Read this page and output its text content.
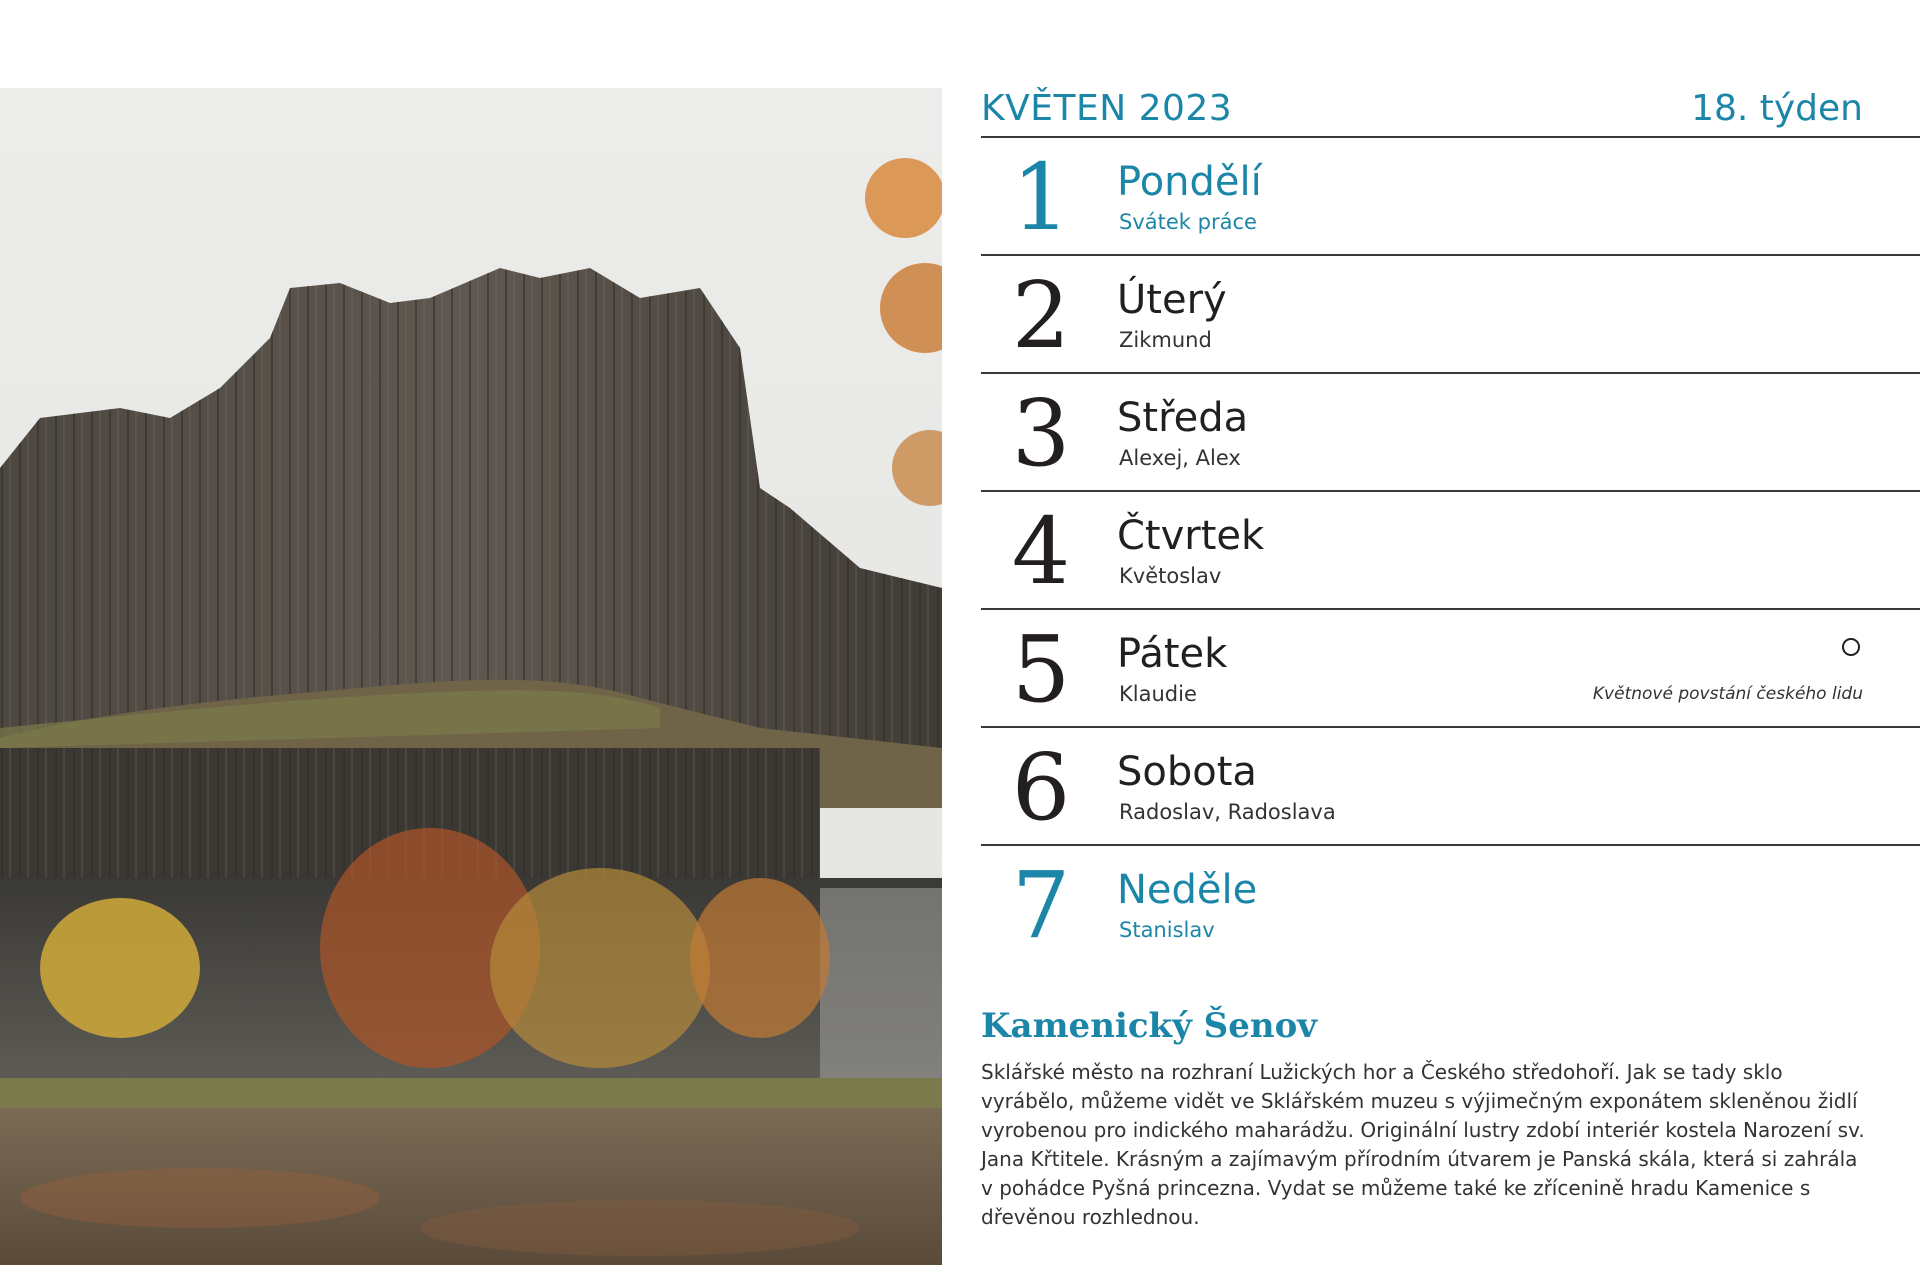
KVĚTEN 2023	18. týden
1 Pondělí
Svátek práce
2 Úterý
Zikmund
3 Středa
Alexej, Alex
4 Čtvrtek
Květoslav
5 Pátek
Klaudie	Květnové povstání českého lidu
6 Sobota
Radoslav, Radoslava
7 Neděle
Stanislav
Kamenický Šenov
Sklářské město na rozhraní Lužických hor a Českého středohoří. Jak se tady sklo vyrábělo, můžeme vidět ve Sklářském muzeu s výjimečným exponátem skleněnou židlí vyrobenou pro indického maharádžu. Originální lustry zdobí interiér kostela Narození sv. Jana Křtitele. Krásným a zajímavým přírodním útvarem je Panská skála, která si zahrála v pohádce Pyšná princezna. Vydat se můžeme také ke zřícenině hradu Kamenice s dřevěnou rozhlednou.
